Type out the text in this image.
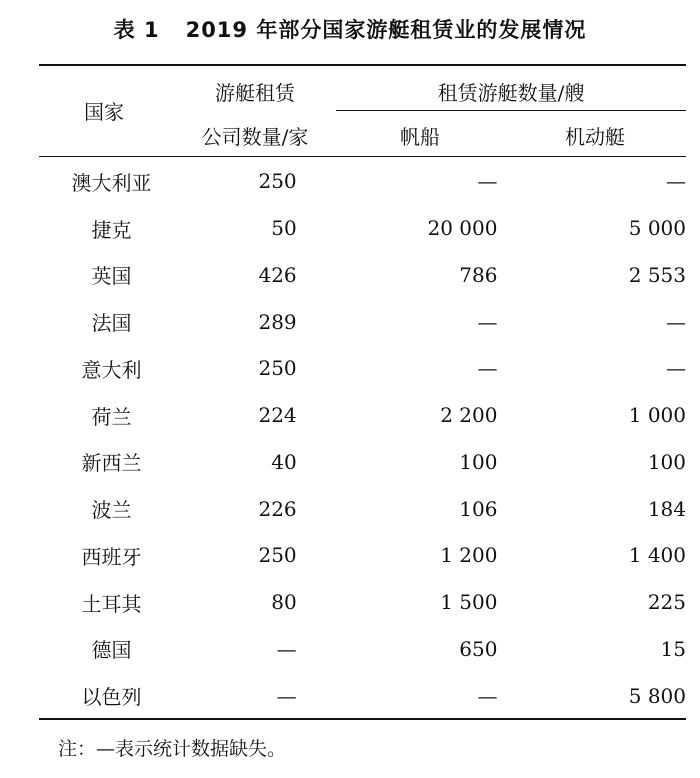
表 1 2019 年部分国家游艇租赁业的发展情况
国家
游艇租赁
公司数量/家
租赁游艇数量/艘
帆船	机动艇
澳大利亚	250	—	—
捷克	50	20 000	5 000
英国	426	786	2 553
法国	289	—	—
意大利	250	—	—
荷兰	224	2 200	1 000
新西兰	40	100	100
波兰	226	106	184
西班牙	250	1 200	1 400
土耳其	80	1 500	225
德国	—	650	15
以色列	—	—	5 800
注：—表示统计数据缺失。
